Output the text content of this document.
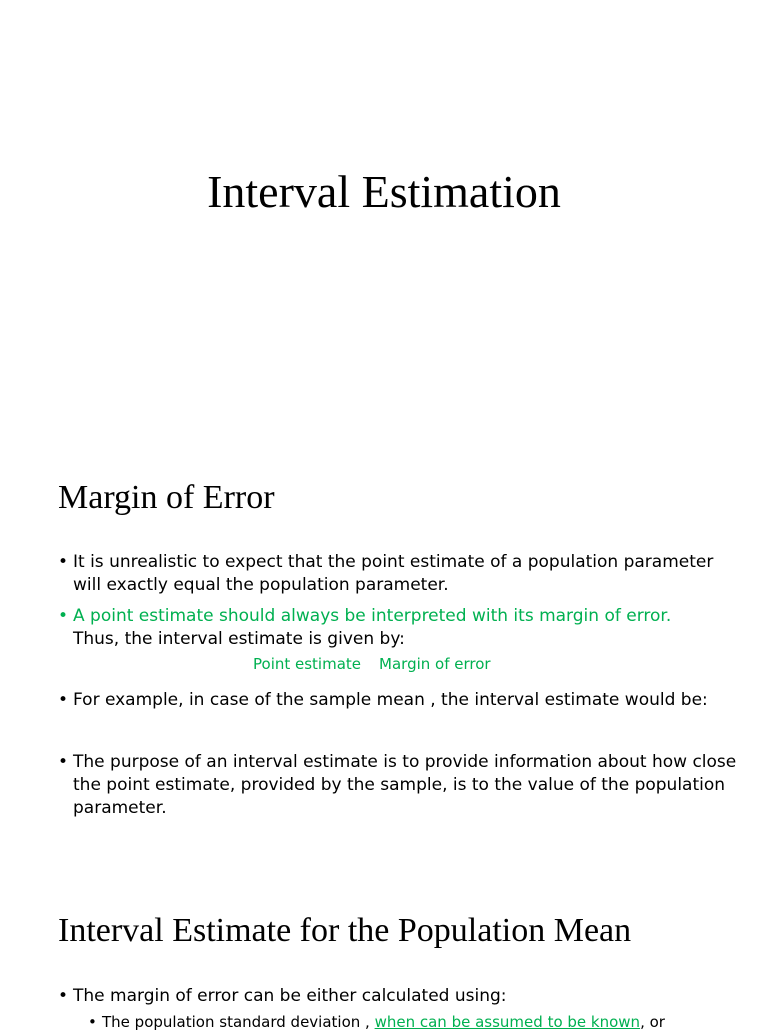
Interval Estimation
Margin of Error
• It is unrealistic to expect that the point estimate of a population parameter will exactly equal the population parameter.
• A point estimate should always be interpreted with its margin of error.
Thus, the interval estimate is given by:
Point estimate Margin of error
• For example, in case of the sample mean , the interval estimate would be:
• The purpose of an interval estimate is to provide information about how close the point estimate, provided by the sample, is to the value of the population parameter.
Interval Estimate for the Population Mean
• The margin of error can be either calculated using:
• The population standard deviation , when can be assumed to be known, or
